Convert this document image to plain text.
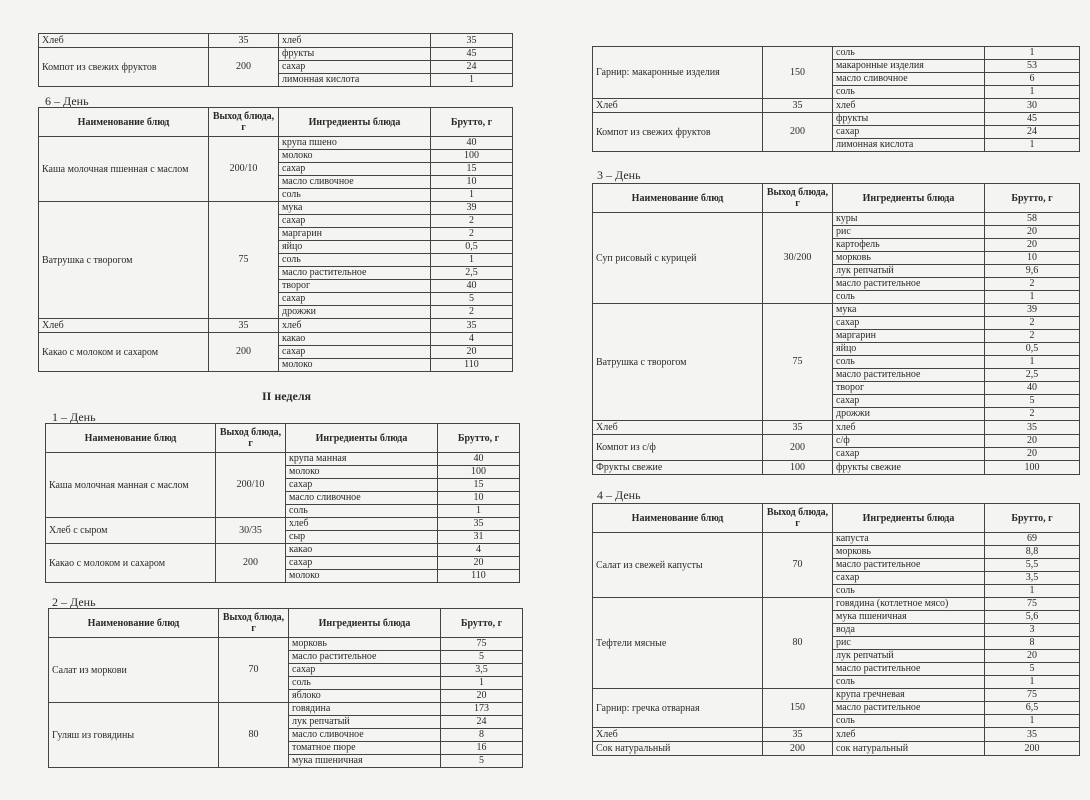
Хлеб	35	хлеб	35
Компот из свежих фруктов	200	фрукты	45
		сахар	24
		лимонная кислота	1
6 – День
Наименование блюд	Выход блюда, г	Ингредиенты блюда	Брутто, г
Каша молочная пшенная с маслом	200/10	крупа пшено	40
		молоко	100
		сахар	15
		масло сливочное	10
		соль	1
Ватрушка с творогом	75	мука	39
		сахар	2
		маргарин	2
		яйцо	0,5
		соль	1
		масло растительное	2,5
		творог	40
		сахар	5
		дрожжи	2
Хлеб	35	хлеб	35
Какао с молоком и сахаром	200	какао	4
		сахар	20
		молоко	110
II неделя
1 – День
Наименование блюд	Выход блюда, г	Ингредиенты блюда	Брутто, г
Каша молочная манная с маслом	200/10	крупа манная	40
		молоко	100
		сахар	15
		масло сливочное	10
		соль	1
Хлеб с сыром	30/35	хлеб	35
		сыр	31
Какао с молоком и сахаром	200	какао	4
		сахар	20
		молоко	110
2 – День
Наименование блюд	Выход блюда, г	Ингредиенты блюда	Брутто, г
Салат из моркови	70	морковь	75
		масло растительное	5
		сахар	3,5
		соль	1
		яблоко	20
Гуляш из говядины	80	говядина	173
		лук репчатый	24
		масло сливочное	8
		томатное пюре	16
		мука пшеничная	5
Гарнир: макаронные изделия	150	соль	1
		макаронные изделия	53
		масло сливочное	6
		соль	1
Хлеб	35	хлеб	30
Компот из свежих фруктов	200	фрукты	45
		сахар	24
		лимонная кислота	1
3 – День
Наименование блюд	Выход блюда, г	Ингредиенты блюда	Брутто, г
Суп рисовый с курицей	30/200	куры	58
		рис	20
		картофель	20
		морковь	10
		лук репчатый	9,6
		масло растительное	2
		соль	1
Ватрушка с творогом	75	мука	39
		сахар	2
		маргарин	2
		яйцо	0,5
		соль	1
		масло растительное	2,5
		творог	40
		сахар	5
		дрожжи	2
Хлеб	35	хлеб	35
Компот из с/ф	200	с/ф	20
		сахар	20
Фрукты свежие	100	фрукты свежие	100
4 – День
Наименование блюд	Выход блюда, г	Ингредиенты блюда	Брутто, г
Салат из свежей капусты	70	капуста	69
		морковь	8,8
		масло растительное	5,5
		сахар	3,5
		соль	1
Тефтели мясные	80	говядина (котлетное мясо)	75
		мука пшеничная	5,6
		вода	3
		рис	8
		лук репчатый	20
		масло растительное	5
		соль	1
Гарнир: гречка отварная	150	крупа гречневая	75
		масло растительное	6,5
		соль	1
Хлеб	35	хлеб	35
Сок натуральный	200	сок натуральный	200
